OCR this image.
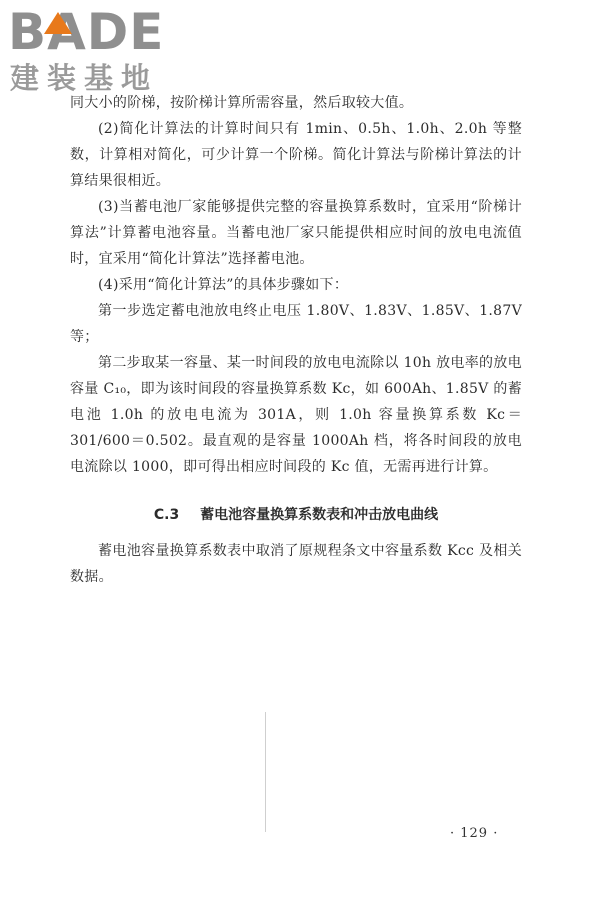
BADE
建装基地

同大小的阶梯，按阶梯计算所需容量，然后取较大值。

(2)简化计算法的计算时间只有 1min、0.5h、1.0h、2.0h 等整数，计算相对简化，可少计算一个阶梯。简化计算法与阶梯计算法的计算结果很相近。

(3)当蓄电池厂家能够提供完整的容量换算系数时，宜采用“阶梯计算法”计算蓄电池容量。当蓄电池厂家只能提供相应时间的放电电流值时，宜采用“简化计算法”选择蓄电池。

(4)采用“简化计算法”的具体步骤如下：

第一步选定蓄电池放电终止电压 1.80V、1.83V、1.85V、1.87V 等；

第二步取某一容量、某一时间段的放电电流除以 10h 放电率的放电容量 C₁₀，即为该时间段的容量换算系数 Kc，如 600Ah、1.85V 的蓄电池 1.0h 的放电电流为 301A，则 1.0h 容量换算系数 Kc＝301/600＝0.502。最直观的是容量 1000Ah 档，将各时间段的放电电流除以 1000，即可得出相应时间段的 Kc 值，无需再进行计算。

C.3 蓄电池容量换算系数表和冲击放电曲线

蓄电池容量换算系数表中取消了原规程条文中容量系数 Kcc 及相关数据。

· 129 ·
